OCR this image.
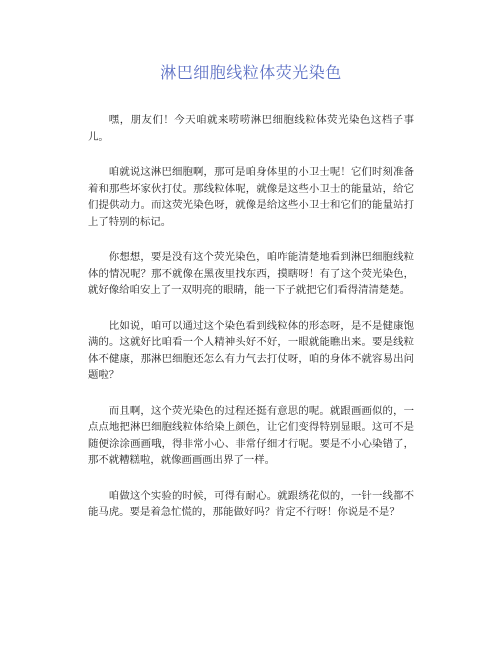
淋巴细胞线粒体荧光染色

嘿，朋友们！今天咱就来唠唠淋巴细胞线粒体荧光染色这档子事儿。

咱就说这淋巴细胞啊，那可是咱身体里的小卫士呢！它们时刻准备着和那些坏家伙打仗。那线粒体呢，就像是这些小卫士的能量站，给它们提供动力。而这荧光染色呀，就像是给这些小卫士和它们的能量站打上了特别的标记。

你想想，要是没有这个荧光染色，咱咋能清楚地看到淋巴细胞线粒体的情况呢？那不就像在黑夜里找东西，摸瞎呀！有了这个荧光染色，就好像给咱安上了一双明亮的眼睛，能一下子就把它们看得清清楚楚。

比如说，咱可以通过这个染色看到线粒体的形态呀，是不是健康饱满的。这就好比咱看一个人精神头好不好，一眼就能瞧出来。要是线粒体不健康，那淋巴细胞还怎么有力气去打仗呀，咱的身体不就容易出问题啦？

而且啊，这个荧光染色的过程还挺有意思的呢。就跟画画似的，一点点地把淋巴细胞线粒体给染上颜色，让它们变得特别显眼。这可不是随便涂涂画画哦，得非常小心、非常仔细才行呢。要是不小心染错了，那不就糟糕啦，就像画画画出界了一样。

咱做这个实验的时候，可得有耐心。就跟绣花似的，一针一线都不能马虎。要是着急忙慌的，那能做好吗？肯定不行呀！你说是不是？
